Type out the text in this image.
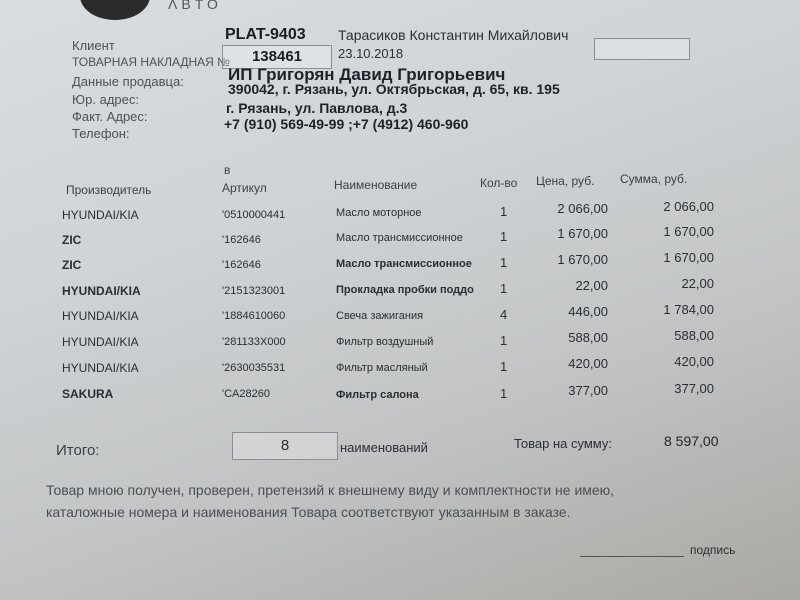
ΛΒΤΟ
Клиент
PLAT-9403 Тарасиков Константин Михайлович
ТОВАРНАЯ НАКЛАДНАЯ №	138461	23.10.2018
Данные продавца:	ИП Григорян Давид Григорьевич
Юр. адрес:
390042, г. Рязань, ул. Октябрьская, д. 65, кв. 195
Факт. Адрес:
г. Рязань, ул. Павлова, д.3
Телефон:
+7 (910) 569-49-99 ;+7 (4912) 460-960
в
Производитель	Артикул	Наименование	Кол-во Цена, руб. Сумма, руб.
HYUNDAI/KIA	'0510000441	Масло моторное	1	2 066,00	2 066,00
ZIC	'162646	Масло трансмиссионное	1	1 670,00	1 670,00
ZIC	'162646	Масло трансмиссионное 1	1 670,00	1 670,00
HYUNDAI/KIA	'2151323001	Прокладка пробки поддо 1	22,00	22,00
HYUNDAI/KIA	'1884610060	Свеча зажигания	4	446,00	1 784,00
HYUNDAI/KIA	'281133X000	Фильтр воздушный	1	588,00	588,00
HYUNDAI/KIA	'2630035531	Фильтр масляный	1	420,00	420,00
SAKURA	'CA28260	Фильтр салона	1	377,00	377,00
Итого:	8	наименований	Товар на сумму:	8 597,00
Товар мною получен, проверен, претензий к внешнему виду и комплектности не имею,
каталожные номера и наименования Товара соответствуют указанным в заказе.
подпись
